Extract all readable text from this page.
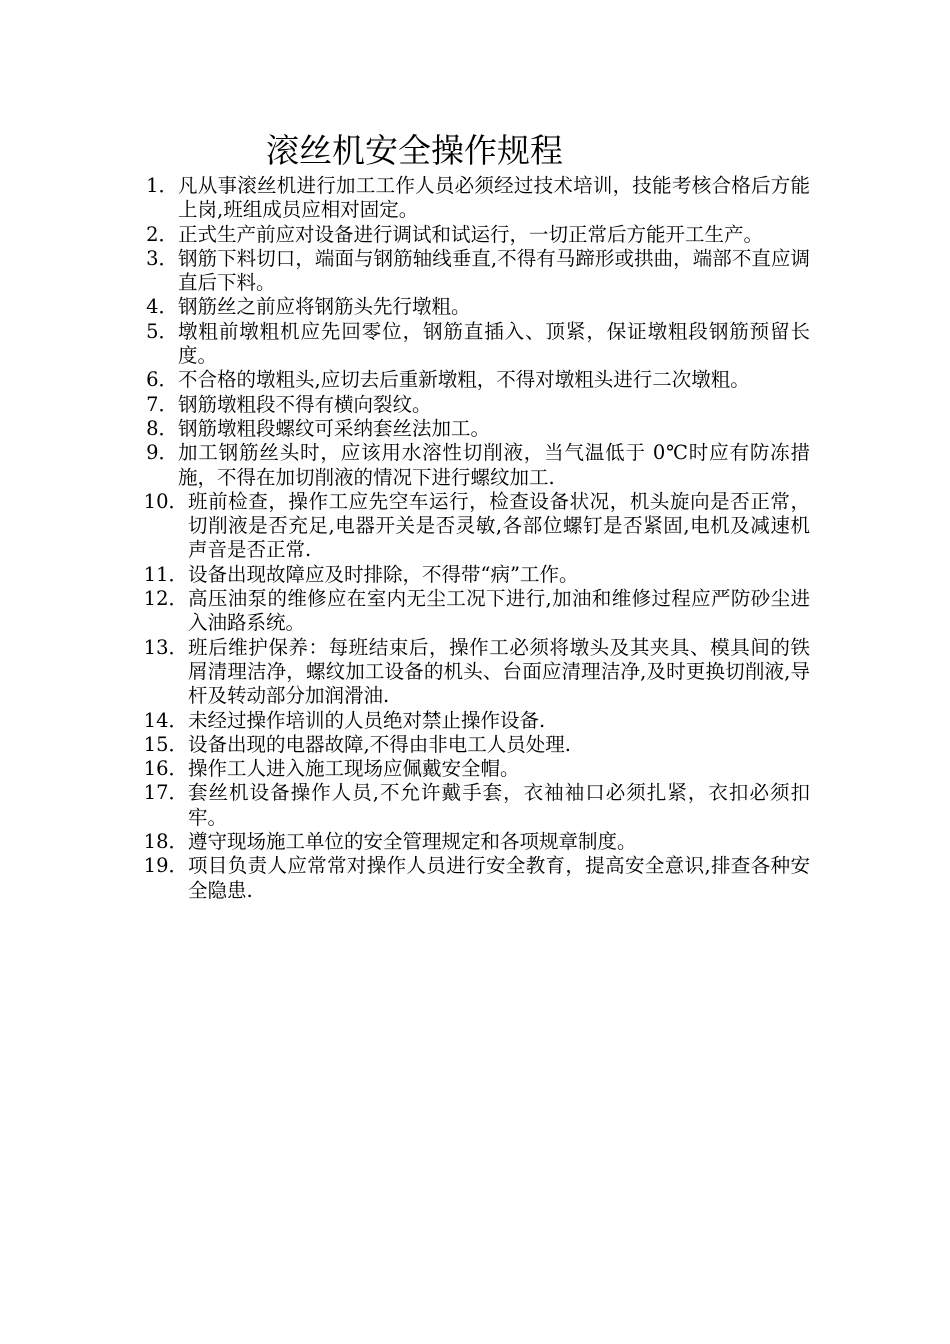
滚丝机安全操作规程
1． 凡从事滚丝机进行加工工作人员必须经过技术培训，技能考核合格后方能上岗,班组成员应相对固定。
2． 正式生产前应对设备进行调试和试运行，一切正常后方能开工生产。
3． 钢筋下料切口，端面与钢筋轴线垂直,不得有马蹄形或拱曲，端部不直应调直后下料。
4． 钢筋丝之前应将钢筋头先行墩粗。
5． 墩粗前墩粗机应先回零位，钢筋直插入、顶紧，保证墩粗段钢筋预留长度。
6． 不合格的墩粗头,应切去后重新墩粗，不得对墩粗头进行二次墩粗。
7． 钢筋墩粗段不得有横向裂纹。
8． 钢筋墩粗段螺纹可采纳套丝法加工。
9． 加工钢筋丝头时，应该用水溶性切削液，当气温低于 0℃时应有防冻措施，不得在加切削液的情况下进行螺纹加工.
10． 班前检查，操作工应先空车运行，检查设备状况，机头旋向是否正常，切削液是否充足,电器开关是否灵敏,各部位螺钉是否紧固,电机及减速机声音是否正常.
11． 设备出现故障应及时排除，不得带“病”工作。
12． 高压油泵的维修应在室内无尘工况下进行,加油和维修过程应严防砂尘进入油路系统。
13． 班后维护保养：每班结束后，操作工必须将墩头及其夹具、模具间的铁屑清理洁净，螺纹加工设备的机头、台面应清理洁净,及时更换切削液,导杆及转动部分加润滑油.
14． 未经过操作培训的人员绝对禁止操作设备.
15． 设备出现的电器故障,不得由非电工人员处理.
16． 操作工人进入施工现场应佩戴安全帽。
17． 套丝机设备操作人员,不允许戴手套，衣袖袖口必须扎紧，衣扣必须扣牢。
18． 遵守现场施工单位的安全管理规定和各项规章制度。
19． 项目负责人应常常对操作人员进行安全教育，提高安全意识,排查各种安全隐患.
